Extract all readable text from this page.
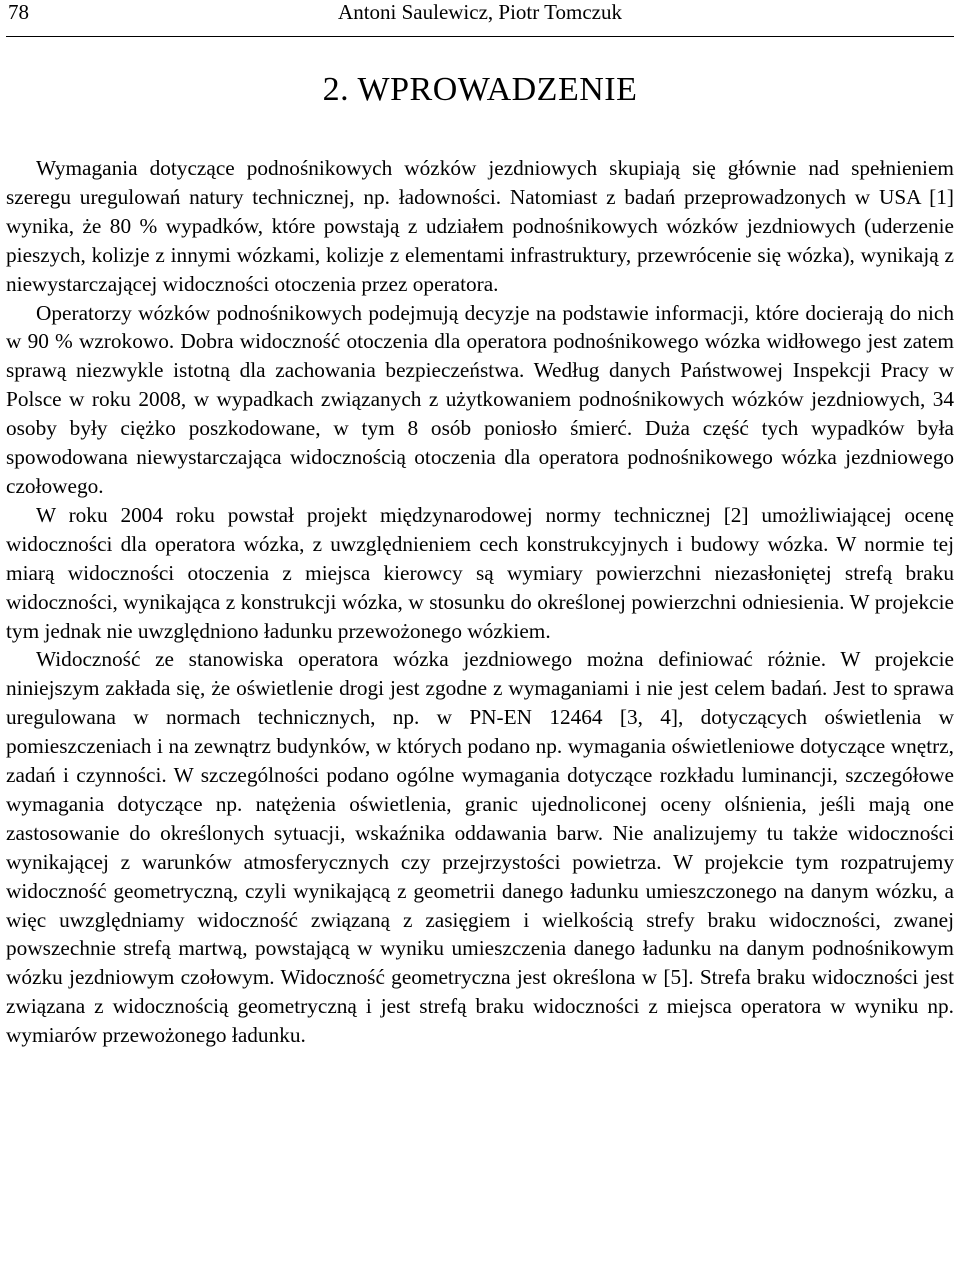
78	Antoni Saulewicz, Piotr Tomczuk
2. WPROWADZENIE

Wymagania dotyczące podnośnikowych wózków jezdniowych skupiają się głównie nad spełnieniem szeregu uregulowań natury technicznej, np. ładowności. Natomiast z badań przeprowadzonych w USA [1] wynika, że 80 % wypadków, które powstają z udziałem podnośnikowych wózków jezdniowych (uderzenie pieszych, kolizje z innymi wózkami, kolizje z elementami infrastruktury, przewrócenie się wózka), wynikają z niewystarczającej widoczności otoczenia przez operatora.

Operatorzy wózków podnośnikowych podejmują decyzje na podstawie informacji, które docierają do nich w 90 % wzrokowo. Dobra widoczność otoczenia dla operatora podnośnikowego wózka widłowego jest zatem sprawą niezwykle istotną dla zachowania bezpieczeństwa. Według danych Państwowej Inspekcji Pracy w Polsce w roku 2008, w wypadkach związanych z użytkowaniem podnośnikowych wózków jezdniowych, 34 osoby były ciężko poszkodowane, w tym 8 osób poniosło śmierć. Duża część tych wypadków była spowodowana niewystarczająca widocznością otoczenia dla operatora podnośnikowego wózka jezdniowego czołowego.

W roku 2004 roku powstał projekt międzynarodowej normy technicznej [2] umożliwiającej ocenę widoczności dla operatora wózka, z uwzględnieniem cech konstrukcyjnych i budowy wózka. W normie tej miarą widoczności otoczenia z miejsca kierowcy są wymiary powierzchni niezasłoniętej strefą braku widoczności, wynikająca z konstrukcji wózka, w stosunku do określonej powierzchni odniesienia. W projekcie tym jednak nie uwzględniono ładunku przewożonego wózkiem.

Widoczność ze stanowiska operatora wózka jezdniowego można definiować różnie. W projekcie niniejszym zakłada się, że oświetlenie drogi jest zgodne z wymaganiami i nie jest celem badań. Jest to sprawa uregulowana w normach technicznych, np. w PN-EN 12464 [3, 4], dotyczących oświetlenia w pomieszczeniach i na zewnątrz budynków, w których podano np. wymagania oświetleniowe dotyczące wnętrz, zadań i czynności. W szczególności podano ogólne wymagania dotyczące rozkładu luminancji, szczegółowe wymagania dotyczące np. natężenia oświetlenia, granic ujednoliconej oceny olśnienia, jeśli mają one zastosowanie do określonych sytuacji, wskaźnika oddawania barw. Nie analizujemy tu także widoczności wynikającej z warunków atmosferycznych czy przejrzystości powietrza. W projekcie tym rozpatrujemy widoczność geometryczną, czyli wynikającą z geometrii danego ładunku umieszczonego na danym wózku, a więc uwzględniamy widoczność związaną z zasięgiem i wielkością strefy braku widoczności, zwanej powszechnie strefą martwą, powstającą w wyniku umieszczenia danego ładunku na danym podnośnikowym wózku jezdniowym czołowym. Widoczność geometryczna jest określona w [5]. Strefa braku widoczności jest związana z widocznością geometryczną i jest strefą braku widoczności z miejsca operatora w wyniku np. wymiarów przewożonego ładunku.
